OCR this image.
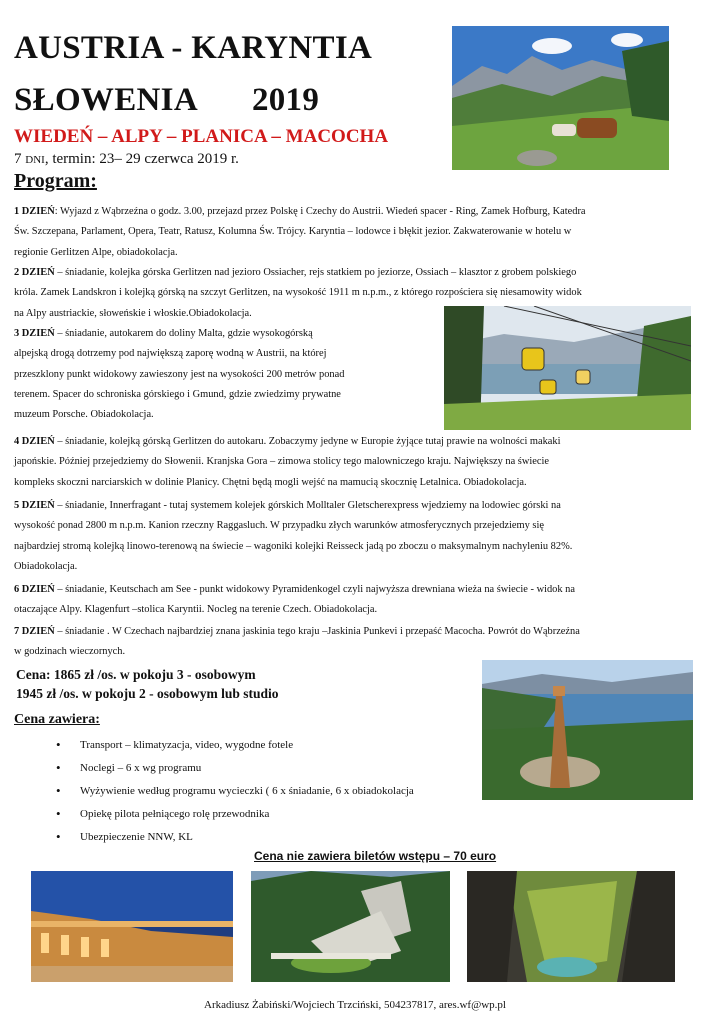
AUSTRIA - KARYNTIA
SŁOWENIA 2019
WIEDEŃ – ALPY – PLANICA – MACOCHA
7 DNI, termin: 23– 29 czerwca 2019 r.
Program:
1 DZIEŃ: Wyjazd z Wąbrzeźna o godz. 3.00, przejazd przez Polskę i Czechy do Austrii. Wiedeń spacer - Ring, Zamek Hofburg, Katedra
Św. Szczepana, Parlament, Opera, Teatr, Ratusz, Kolumna Św. Trójcy. Karyntia – lodowce i błękit jezior. Zakwaterowanie w hotelu w
regionie Gerlitzen Alpe, obiadokolacja.
2 DZIEŃ – śniadanie, kolejka górska Gerlitzen nad jezioro Ossiacher, rejs statkiem po jeziorze, Ossiach – klasztor z grobem polskiego
króla. Zamek Landskron i kolejką górską na szczyt Gerlitzen, na wysokość 1911 m n.p.m., z którego rozpościera się niesamowity widok
na Alpy austriackie, słoweńskie i włoskie.Obiadokolacja.
3 DZIEŃ – śniadanie, autokarem do doliny Malta, gdzie wysokogórską
alpejską drogą dotrzemy pod największą zaporę wodną w Austrii, na której
przeszklony punkt widokowy zawieszony jest na wysokości 200 metrów ponad
terenem. Spacer do schroniska górskiego i Gmund, gdzie zwiedzimy prywatne
muzeum Porsche. Obiadokolacja.
4 DZIEŃ – śniadanie, kolejką górską Gerlitzen do autokaru. Zobaczymy jedyne w Europie żyjące tutaj prawie na wolności makaki
japońskie. Później przejedziemy do Słowenii. Kranjska Gora – zimowa stolicy tego malowniczego kraju. Największy na świecie
kompleks skoczni narciarskich w dolinie Planicy. Chętni będą mogli wejść na mamucią skocznię Letalnica. Obiadokolacja.
5 DZIEŃ – śniadanie, Innerfragant - tutaj systemem kolejek górskich Molltaler Gletscherexpress wjedziemy na lodowiec górski na
wysokość ponad 2800 m n.p.m. Kanion rzeczny Raggasluch. W przypadku złych warunków atmosferycznych przejedziemy się
najbardziej stromą kolejką linowo-terenową na świecie – wagoniki kolejki Reisseck jadą po zboczu o maksymalnym nachyleniu 82%.
Obiadokolacja.
6 DZIEŃ – śniadanie, Keutschach am See - punkt widokowy Pyramidenkogel czyli najwyższa drewniana wieża na świecie - widok na
otaczające Alpy. Klagenfurt –stolica Karyntii. Nocleg na terenie Czech. Obiadokolacja.
7 DZIEŃ – śniadanie . W Czechach najbardziej znana jaskinia tego kraju –Jaskinia Punkevi i przepaść Macocha. Powrót do Wąbrzeźna
w godzinach wieczornych.
Cena: 1865 zł /os. w pokoju 3 - osobowym
1945 zł /os. w pokoju 2 - osobowym lub studio
Cena zawiera:
• Transport – klimatyzacja, video, wygodne fotele
• Noclegi – 6 x wg programu
• Wyżywienie według programu wycieczki ( 6 x śniadanie, 6 x obiadokolacja
• Opiekę pilota pełniącego rolę przewodnika
• Ubezpieczenie NNW, KL
Cena nie zawiera biletów wstępu – 70 euro
Arkadiusz Żabiński/Wojciech Trzciński, 504237817, ares.wf@wp.pl
